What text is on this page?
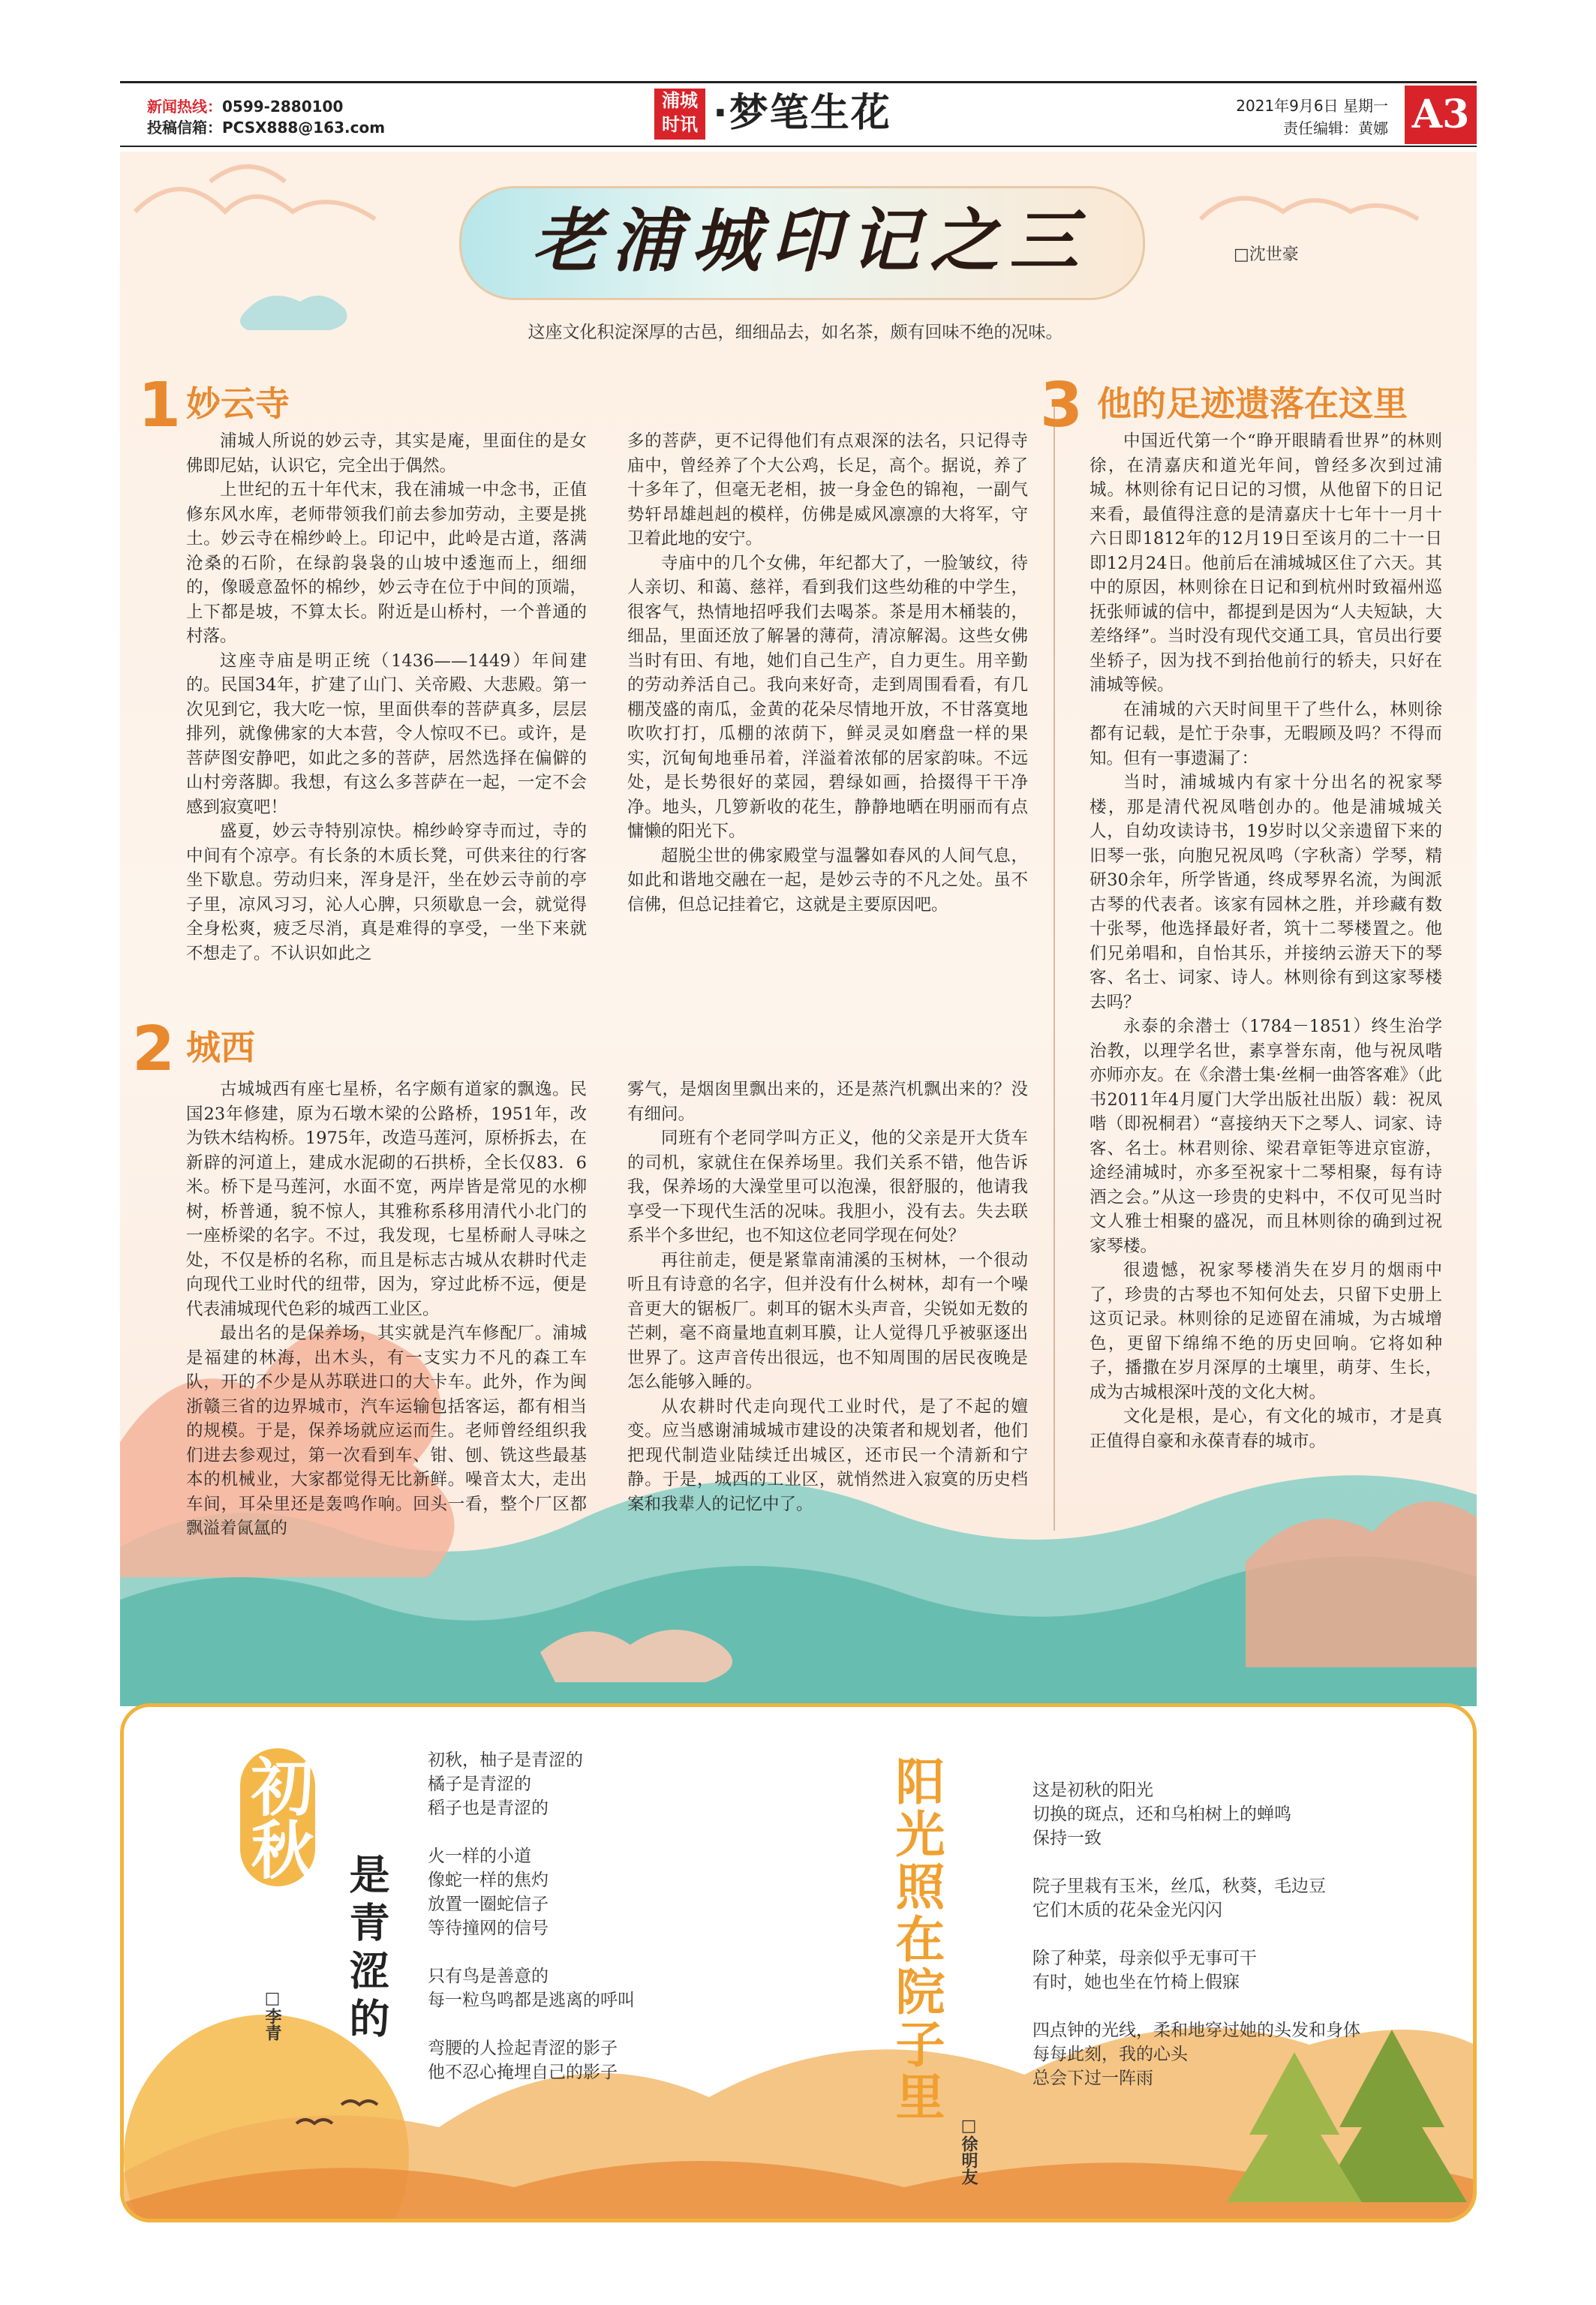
新闻热线：0599-2880100
投稿信箱：PCSX888@163.com
浦城
时讯 ·梦笔生花	2021年9月6日 星期一
责任编辑：黄娜 A3
老浦城印记之三	□沈世豪
这座文化积淀深厚的古邑，细细品去，如名茶，颇有回味不绝的况味。
1 妙云寺

浦城人所说的妙云寺，其实是庵，里面住的是女佛即尼姑，认识它，完全出于偶然。

上世纪的五十年代末，我在浦城一中念书，正值修东风水库，老师带领我们前去参加劳动，主要是挑土。妙云寺在棉纱岭上。印记中，此岭是古道，落满沧桑的石阶，在绿韵袅袅的山坡中逶迤而上，细细的，像暖意盈怀的棉纱，妙云寺在位于中间的顶端，上下都是坡，不算太长。附近是山桥村，一个普通的村落。

这座寺庙是明正统（1436——1449）年间建的。民国34年，扩建了山门、关帝殿、大悲殿。第一次见到它，我大吃一惊，里面供奉的菩萨真多，层层排列，就像佛家的大本营，令人惊叹不已。或许，是菩萨图安静吧，如此之多的菩萨，居然选择在偏僻的山村旁落脚。我想，有这么多菩萨在一起，一定不会感到寂寞吧！

盛夏，妙云寺特别凉快。棉纱岭穿寺而过，寺的中间有个凉亭。有长条的木质长凳，可供来往的行客坐下歇息。劳动归来，浑身是汗，坐在妙云寺前的亭子里，凉风习习，沁人心脾，只须歇息一会，就觉得全身松爽，疲乏尽消，真是难得的享受，一坐下来就不想走了。不认识如此之

多的菩萨，更不记得他们有点艰深的法名，只记得寺庙中，曾经养了个大公鸡，长足，高个。据说，养了十多年了，但毫无老相，披一身金色的锦袍，一副气势轩昂雄赳赳的模样，仿佛是威风凛凛的大将军，守卫着此地的安宁。

寺庙中的几个女佛，年纪都大了，一脸皱纹，待人亲切、和蔼、慈祥，看到我们这些幼稚的中学生，很客气，热情地招呼我们去喝茶。茶是用木桶装的，细品，里面还放了解暑的薄荷，清凉解渴。这些女佛当时有田、有地，她们自己生产，自力更生。用辛勤的劳动养活自己。我向来好奇，走到周围看看，有几棚茂盛的南瓜，金黄的花朵尽情地开放，不甘落寞地吹吹打打，瓜棚的浓荫下，鲜灵灵如磨盘一样的果实，沉甸甸地垂吊着，洋溢着浓郁的居家韵味。不远处，是长势很好的菜园，碧绿如画，拾掇得干干净净。地头，几箩新收的花生，静静地晒在明丽而有点慵懒的阳光下。

超脱尘世的佛家殿堂与温馨如春风的人间气息，如此和谐地交融在一起，是妙云寺的不凡之处。虽不信佛，但总记挂着它，这就是主要原因吧。

2 城西

古城城西有座七星桥，名字颇有道家的飘逸。民国23年修建，原为石墩木梁的公路桥，1951年，改为铁木结构桥。1975年，改造马莲河，原桥拆去，在新辟的河道上，建成水泥砌的石拱桥，全长仅83．6米。桥下是马莲河，水面不宽，两岸皆是常见的水柳树，桥普通，貌不惊人，其雅称系移用清代小北门的一座桥梁的名字。不过，我发现，七星桥耐人寻味之处，不仅是桥的名称，而且是标志古城从农耕时代走向现代工业时代的纽带，因为，穿过此桥不远，便是代表浦城现代色彩的城西工业区。

最出名的是保养场，其实就是汽车修配厂。浦城是福建的林海，出木头，有一支实力不凡的森工车队，开的不少是从苏联进口的大卡车。此外，作为闽浙赣三省的边界城市，汽车运输包括客运，都有相当的规模。于是，保养场就应运而生。老师曾经组织我们进去参观过，第一次看到车、钳、刨、铣这些最基本的机械业，大家都觉得无比新鲜。噪音太大，走出车间，耳朵里还是轰鸣作响。回头一看，整个厂区都飘溢着氤氲的

雾气，是烟囱里飘出来的，还是蒸汽机飘出来的？没有细问。

同班有个老同学叫方正义，他的父亲是开大货车的司机，家就住在保养场里。我们关系不错，他告诉我，保养场的大澡堂里可以泡澡，很舒服的，他请我享受一下现代生活的况味。我胆小，没有去。失去联系半个多世纪，也不知这位老同学现在何处？

再往前走，便是紧靠南浦溪的玉树林，一个很动听且有诗意的名字，但并没有什么树林，却有一个噪音更大的锯板厂。刺耳的锯木头声音，尖锐如无数的芒刺，毫不商量地直刺耳膜，让人觉得几乎被驱逐出世界了。这声音传出很远，也不知周围的居民夜晚是怎么能够入睡的。

从农耕时代走向现代工业时代，是了不起的嬗变。应当感谢浦城城市建设的决策者和规划者，他们把现代制造业陆续迁出城区，还市民一个清新和宁静。于是，城西的工业区，就悄然进入寂寞的历史档案和我辈人的记忆中了。

3 他的足迹遗落在这里

中国近代第一个“睁开眼睛看世界”的林则徐，在清嘉庆和道光年间，曾经多次到过浦城。林则徐有记日记的习惯，从他留下的日记来看，最值得注意的是清嘉庆十七年十一月十六日即1812年的12月19日至该月的二十一日即12月24日。他前后在浦城城区住了六天。其中的原因，林则徐在日记和到杭州时致福州巡抚张师诚的信中，都提到是因为“人夫短缺，大差络绎”。当时没有现代交通工具，官员出行要坐轿子，因为找不到抬他前行的轿夫，只好在浦城等候。

在浦城的六天时间里干了些什么，林则徐都有记载，是忙于杂事，无暇顾及吗？不得而知。但有一事遗漏了：

当时，浦城城内有家十分出名的祝家琴楼，那是清代祝凤喈创办的。他是浦城城关人，自幼攻读诗书，19岁时以父亲遗留下来的旧琴一张，向胞兄祝凤鸣（字秋斋）学琴，精研30余年，所学皆通，终成琴界名流，为闽派古琴的代表者。该家有园林之胜，并珍藏有数十张琴，他选择最好者，筑十二琴楼置之。他们兄弟唱和，自怡其乐，并接纳云游天下的琴客、名士、词家、诗人。林则徐有到这家琴楼去吗？

永泰的余潜士（1784－1851）终生治学治教，以理学名世，素享誉东南，他与祝凤喈亦师亦友。在《余潜士集·丝桐一曲答客难》（此书2011年4月厦门大学出版社出版）载：祝凤喈（即祝桐君）“喜接纳天下之琴人、词家、诗客、名士。林君则徐、梁君章钜等进京宦游，途经浦城时，亦多至祝家十二琴相聚，每有诗酒之会。”从这一珍贵的史料中，不仅可见当时文人雅士相聚的盛况，而且林则徐的确到过祝家琴楼。

很遗憾，祝家琴楼消失在岁月的烟雨中了，珍贵的古琴也不知何处去，只留下史册上这页记录。林则徐的足迹留在浦城，为古城增色，更留下绵绵不绝的历史回响。它将如种子，播撒在岁月深厚的土壤里，萌芽、生长，成为古城根深叶茂的文化大树。

文化是根，是心，有文化的城市，才是真正值得自豪和永葆青春的城市。

初秋
是青涩的
□李青
初秋，柚子是青涩的
橘子是青涩的
稻子也是青涩的
火一样的小道
像蛇一样的焦灼
放置一圈蛇信子
等待撞网的信号
只有鸟是善意的
每一粒鸟鸣都是逃离的呼叫
弯腰的人捡起青涩的影子
他不忍心掩埋自己的影子	阳光照在院子里
□徐明友
这是初秋的阳光
切换的斑点，还和乌桕树上的蝉鸣
保持一致
院子里栽有玉米，丝瓜，秋葵，毛边豆
它们木质的花朵金光闪闪
除了种菜，母亲似乎无事可干
有时，她也坐在竹椅上假寐
四点钟的光线，柔和地穿过她的头发和身体
每每此刻，我的心头
总会下过一阵雨
